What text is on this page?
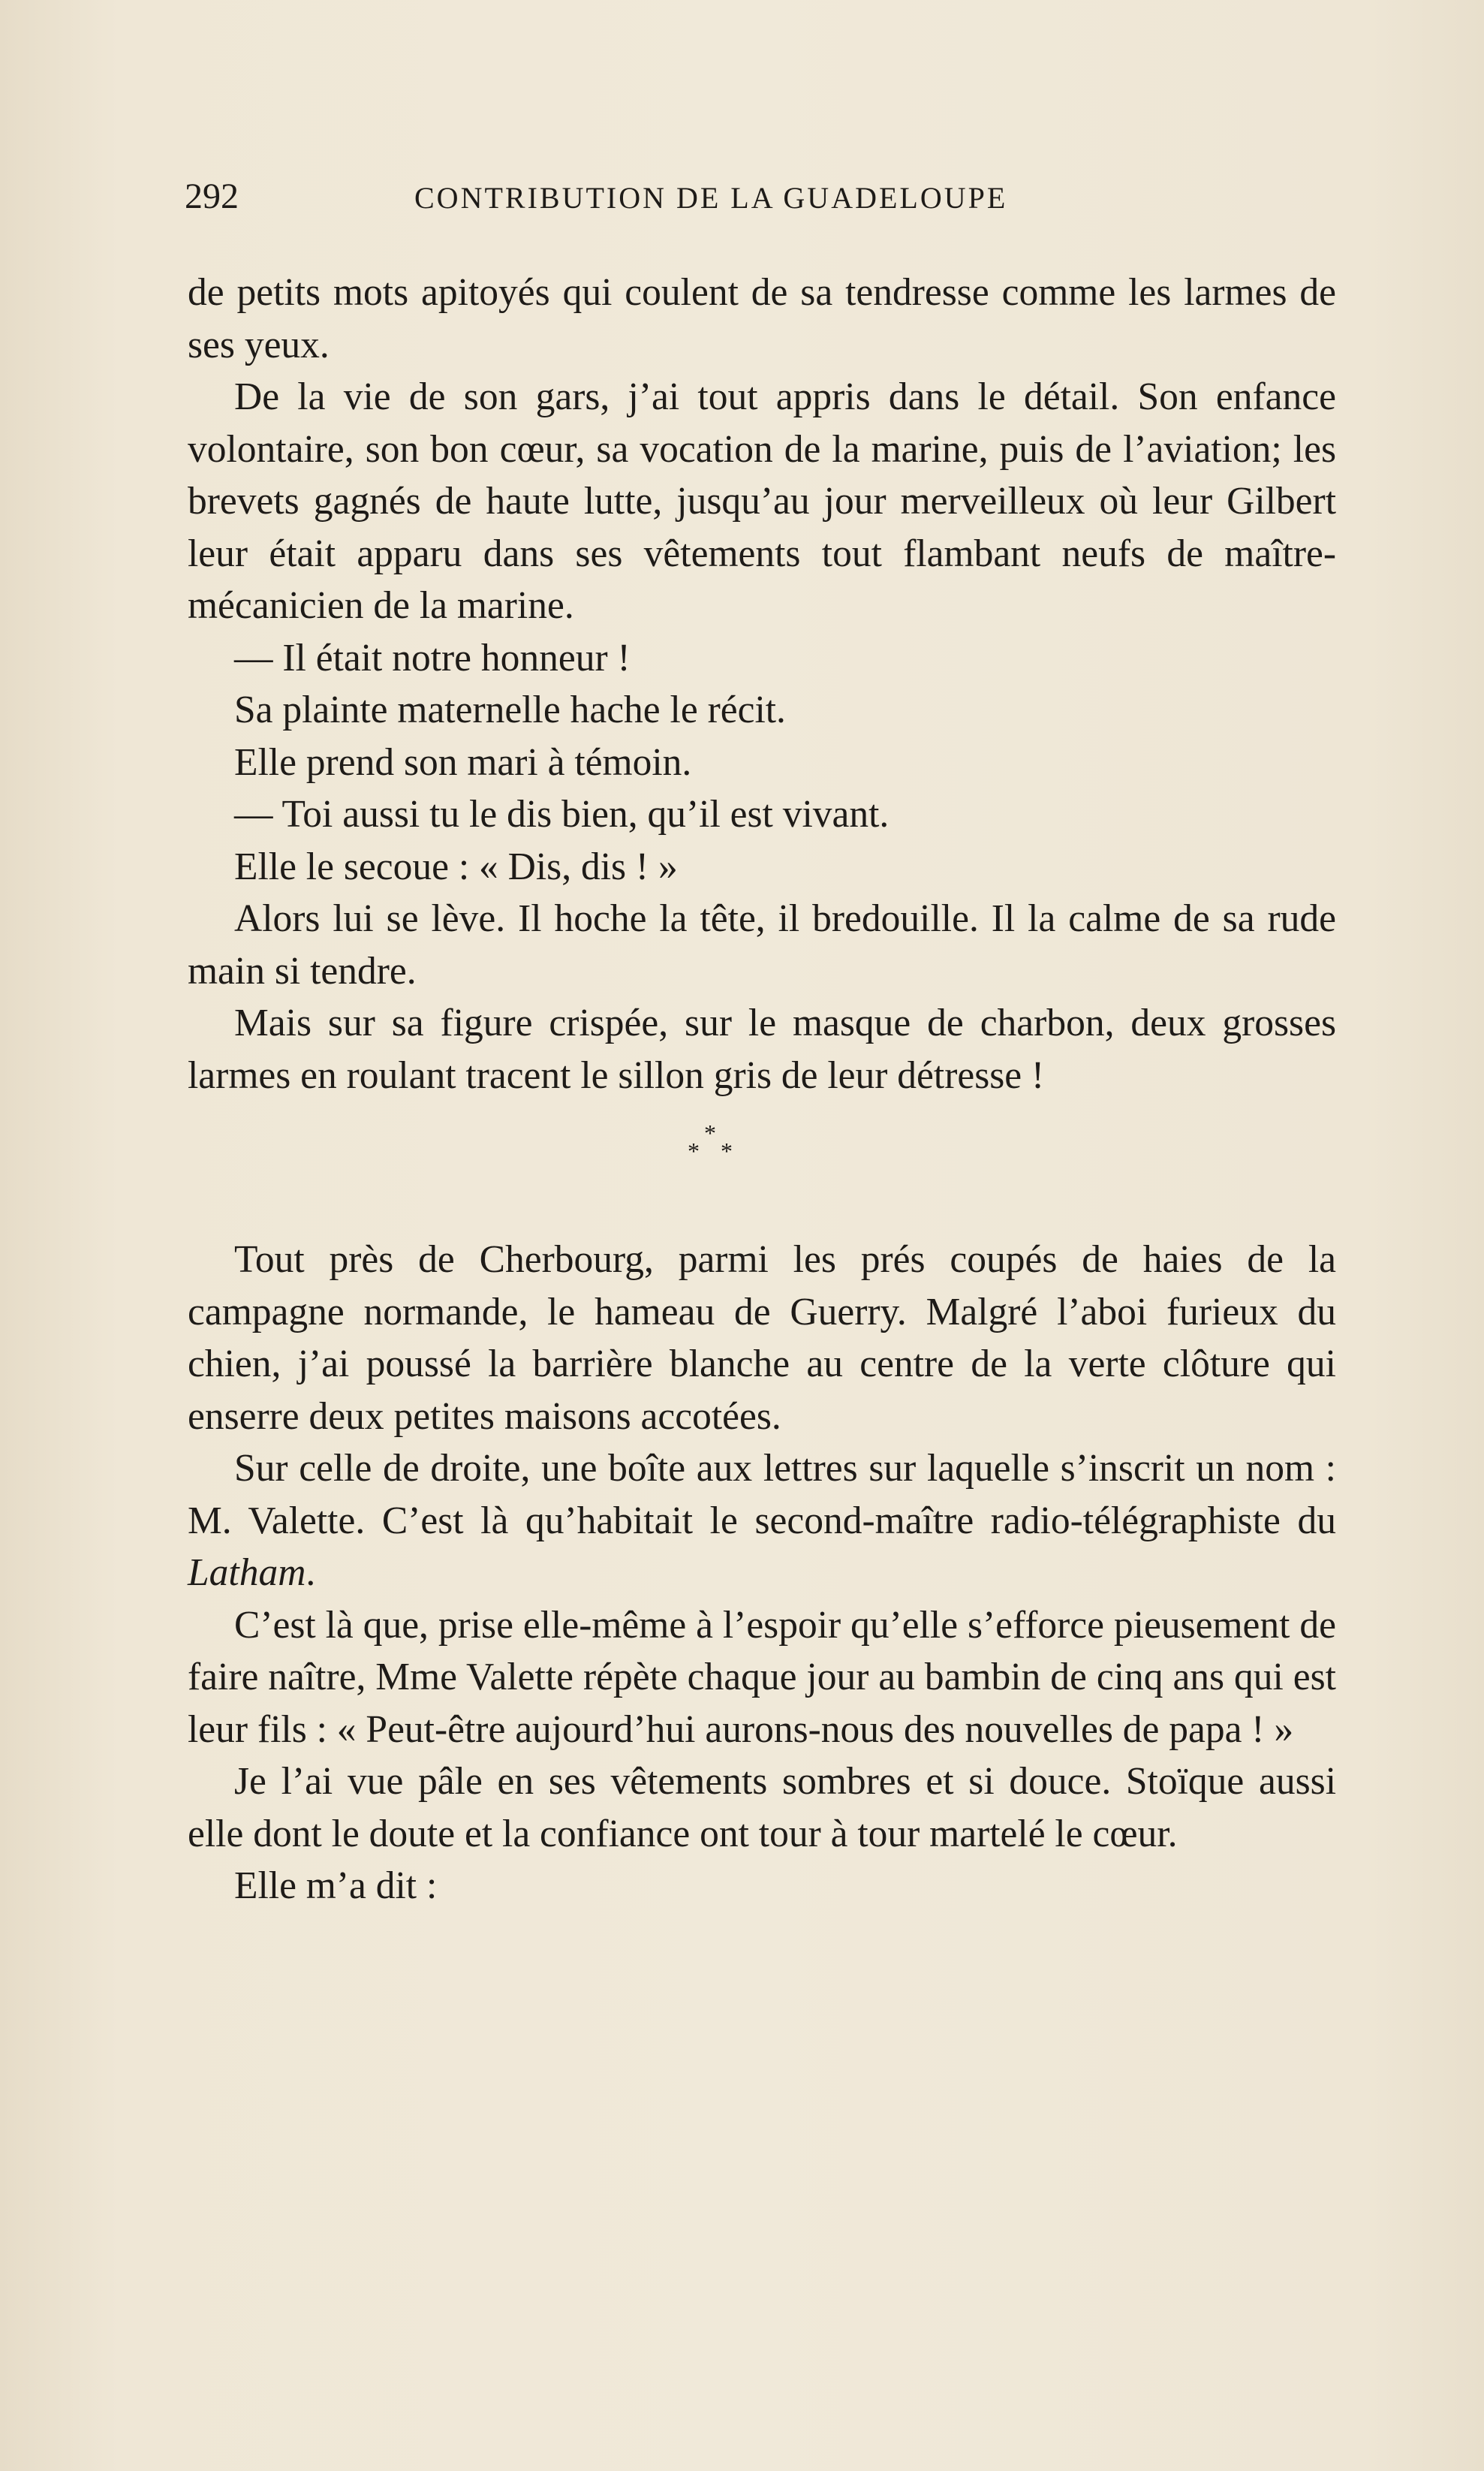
292	CONTRIBUTION DE LA GUADELOUPE

de petits mots apitoyés qui coulent de sa tendresse comme les larmes de ses yeux.

De la vie de son gars, j’ai tout appris dans le détail. Son enfance volontaire, son bon cœur, sa vocation de la marine, puis de l’aviation; les brevets gagnés de haute lutte, jusqu’au jour merveilleux où leur Gilbert leur était apparu dans ses vêtements tout flambant neufs de maître-mécanicien de la marine.

— Il était notre honneur !

Sa plainte maternelle hache le récit.

Elle prend son mari à témoin.

— Toi aussi tu le dis bien, qu’il est vivant.

Elle le secoue : « Dis, dis ! »

Alors lui se lève. Il hoche la tête, il bredouille. Il la calme de sa rude main si tendre.

Mais sur sa figure crispée, sur le masque de charbon, deux grosses larmes en roulant tracent le sillon gris de leur détresse !

*
* *

Tout près de Cherbourg, parmi les prés coupés de haies de la campagne normande, le hameau de Guerry. Malgré l’aboi furieux du chien, j’ai poussé la barrière blanche au centre de la verte clôture qui enserre deux petites maisons accotées.

Sur celle de droite, une boîte aux lettres sur laquelle s’inscrit un nom : M. Valette. C’est là qu’habitait le second-maître radio-télégraphiste du Latham.

C’est là que, prise elle-même à l’espoir qu’elle s’efforce pieusement de faire naître, Mme Valette répète chaque jour au bambin de cinq ans qui est leur fils : « Peut-être aujourd’hui aurons-nous des nouvelles de papa ! »

Je l’ai vue pâle en ses vêtements sombres et si douce. Stoïque aussi elle dont le doute et la confiance ont tour à tour martelé le cœur.

Elle m’a dit :
